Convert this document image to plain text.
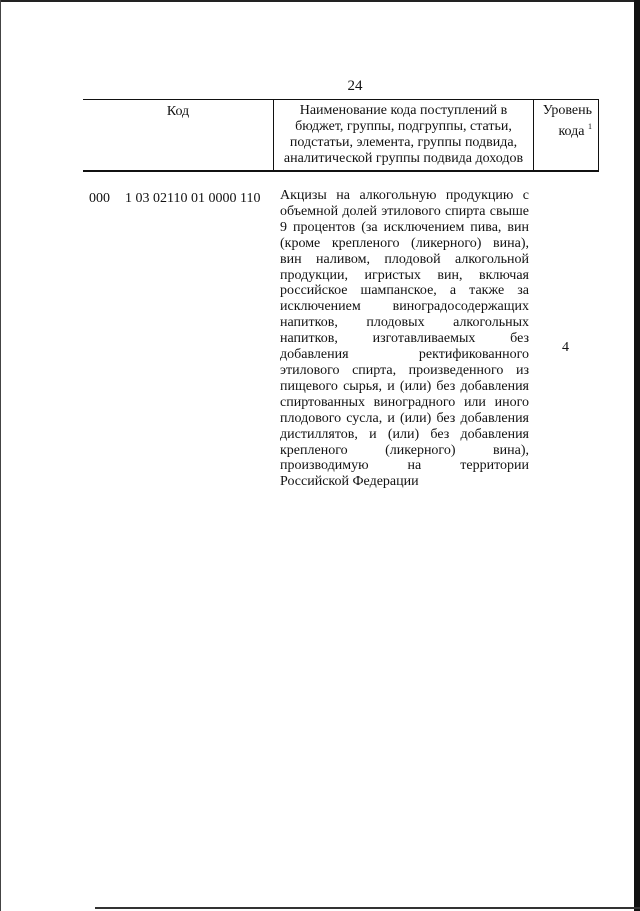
24
Код	Наименование кода поступлений в
бюджет, группы, подгруппы, статьи,
подстатьи, элемента, группы подвида,
аналитической группы подвида доходов
Уровень
кода $^1$
000 1 03 02110 01 0000 110 Акцизы на алкогольную продукцию с
объемной долей этилового спирта свыше
9 процентов (за исключением пива, вин
(кроме крепленого (ликерного) вина),
вин наливом, плодовой алкогольной
продукции, игристых вин, включая
российское шампанское, а также за
исключением виноградосодержащих
напитков, плодовых алкогольных
напитков, изготавливаемых без
добавления ректификованного
этилового спирта, произведенного из
пищевого сырья, и (или) без добавления
спиртованных виноградного или иного
плодового сусла, и (или) без добавления
дистиллятов, и (или) без добавления
крепленого (ликерного) вина),
производимую на территории
Российской Федерации
4
